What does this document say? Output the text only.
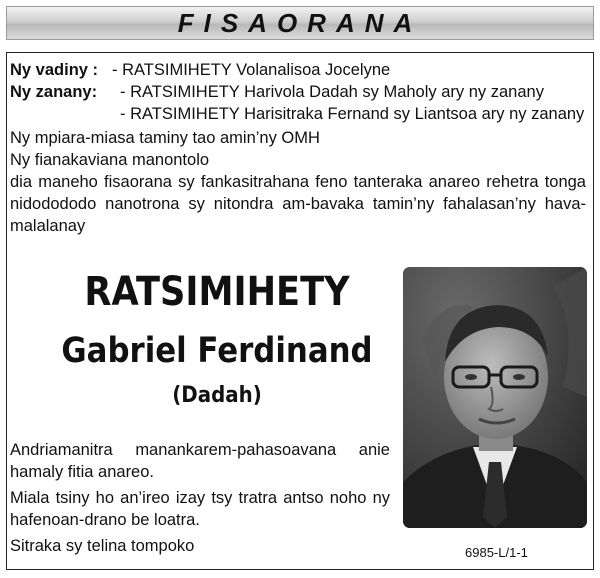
FISAORANA
Ny vadiny : - RATSIMIHETY Volanalisoa Jocelyne
Ny zanany: - RATSIMIHETY Harivola Dadah sy Maholy ary ny zanany
- RATSIMIHETY Harisitraka Fernand sy Liantsoa ary ny zanany
Ny mpiara-miasa taminy tao amin’ny OMH
Ny fianakaviana manontolo
dia maneho fisaorana sy fankasitrahana feno tanteraka anareo rehetra tonga nidodododo nanotrona sy nitondra am-bavaka tamin’ny fahalasan’ny hava-malalanay
RATSIMIHETY
Gabriel Ferdinand
(Dadah)
Andriamanitra manankarem-pahasoavana anie hamaly fitia anareo.
Miala tsiny ho an’ireo izay tsy tratra antso noho ny hafenoan-drano be loatra.
Sitraka sy telina tompoko	6985-L/1-1
